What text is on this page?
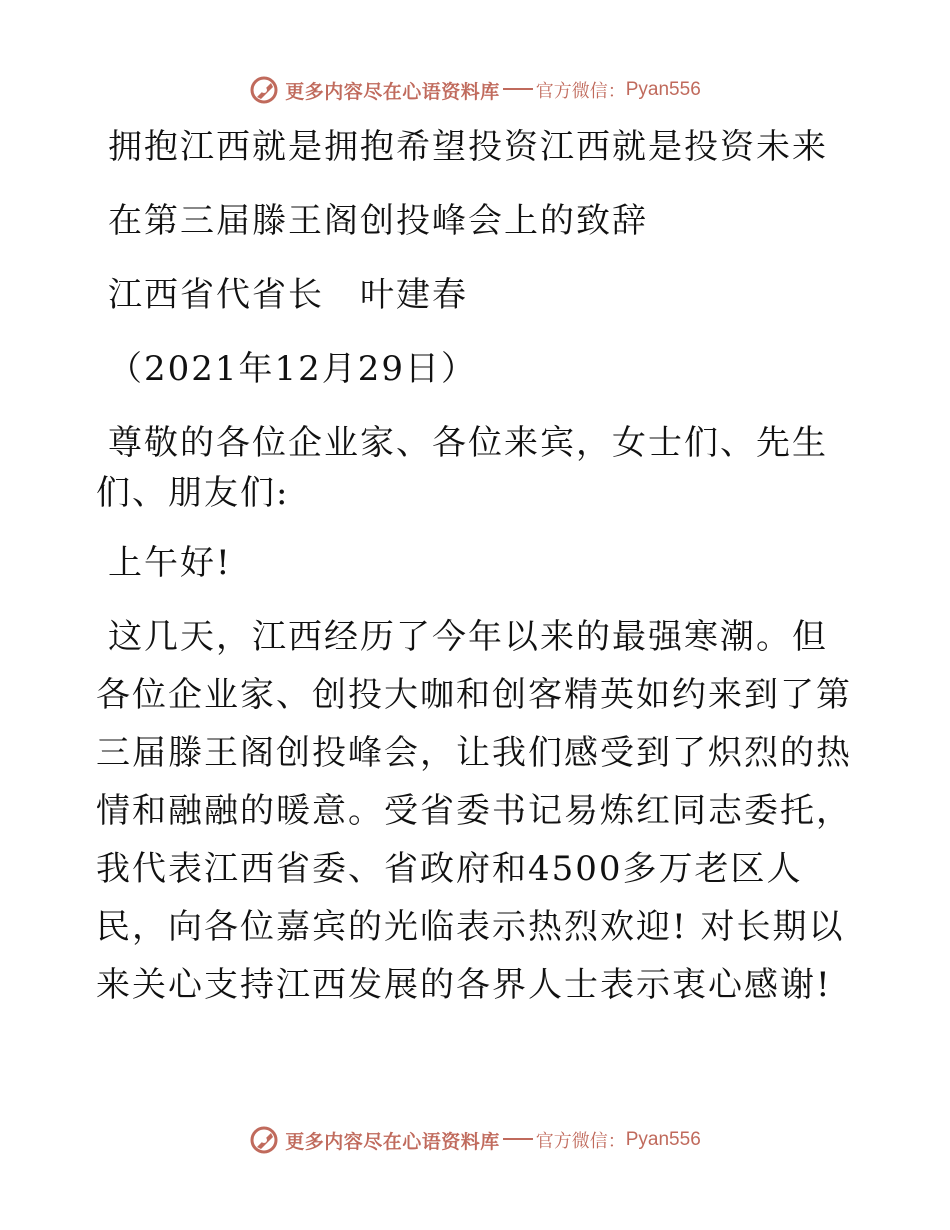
更多内容尽在心语资料库 官方微信： Pyan556

拥抱江西就是拥抱希望投资江西就是投资未来

在第三届滕王阁创投峰会上的致辞

江西省代省长　叶建春

（2021年12月29日）

尊敬的各位企业家、各位来宾，女士们、先生们、朋友们:

上午好!

这几天，江西经历了今年以来的最强寒潮。但各位企业家、创投大咖和创客精英如约来到了第三届滕王阁创投峰会，让我们感受到了炽烈的热情和融融的暖意。受省委书记易炼红同志委托，我代表江西省委、省政府和4500多万老区人民，向各位嘉宾的光临表示热烈欢迎! 对长期以来关心支持江西发展的各界人士表示衷心感谢!

更多内容尽在心语资料库 官方微信： Pyan556
